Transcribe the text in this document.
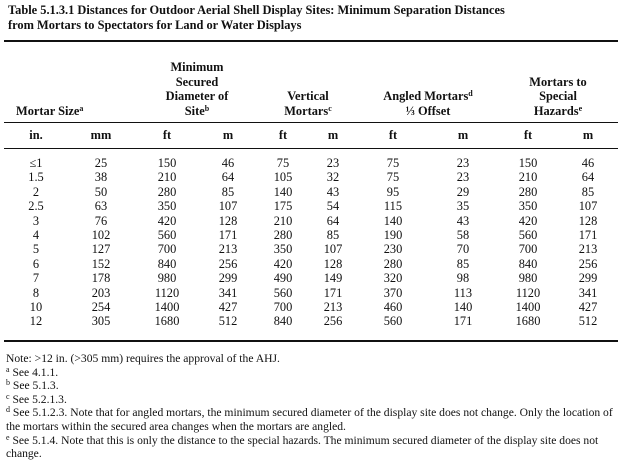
Table 5.1.3.1 Distances for Outdoor Aerial Shell Display Sites: Minimum Separation Distances
from Mortars to Spectators for Land or Water Displays
Mortar Size$^a$	
Minimum
Secured
Diameter of
Site$^b$

Vertical
Mortars$^c$

Angled Mortars$^d$
⅓ Offset

Mortars to
Special
Hazards$^e$
in.	mm	ft	m	ft	m	ft	m	ft	m
≤1	25	150	46	75	23	75	23	150	46
1.5	38	210	64	105	32	75	23	210	64
2	50	280	85	140	43	95	29	280	85
2.5	63	350	107	175	54	115	35	350	107
3	76	420	128	210	64	140	43	420	128
4	102	560	171	280	85	190	58	560	171
5	127	700	213	350	107	230	70	700	213
6	152	840	256	420	128	280	85	840	256
7	178	980	299	490	149	320	98	980	299
8	203	1120	341	560	171	370	113	1120	341
10	254	1400	427	700	213	460	140	1400	427
12	305	1680	512	840	256	560	171	1680	512
Note: >12 in. (>305 mm) requires the approval of the AHJ.
$^a$ See 4.1.1.
$^b$ See 5.1.3.
$^c$ See 5.2.1.3.
$^d$ See 5.1.2.3. Note that for angled mortars, the minimum secured diameter of the display site does not change. Only the location of the mortars within the secured area changes when the mortars are angled.
$^e$ See 5.1.4. Note that this is only the distance to the special hazards. The minimum secured diameter of the display site does not change.
